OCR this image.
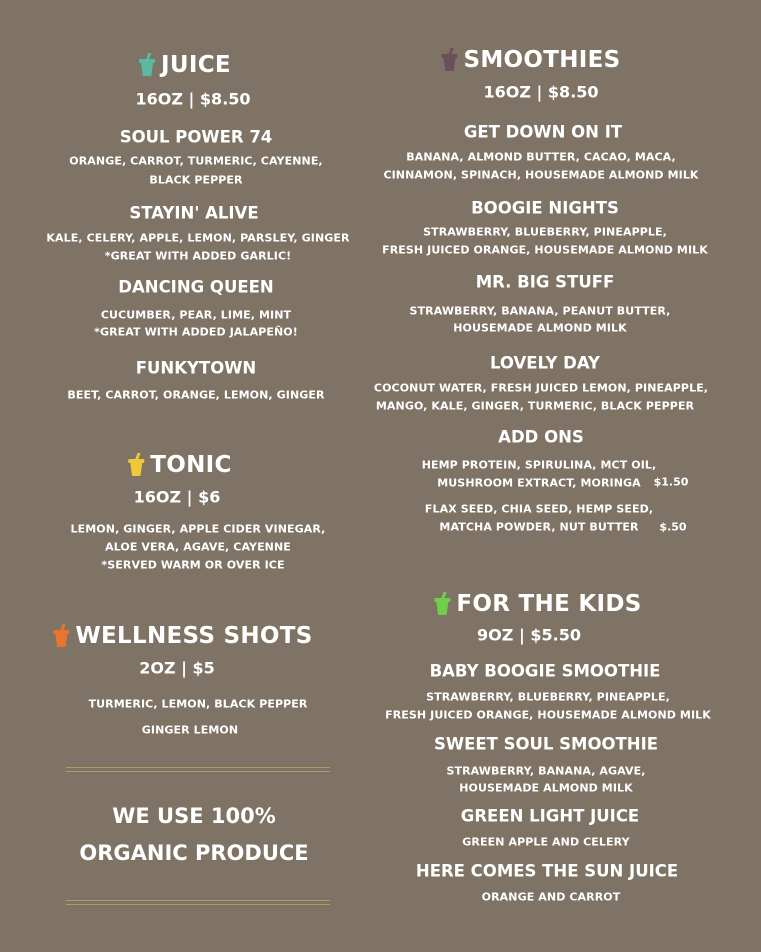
JUICE
16OZ | $8.50
SOUL POWER 74
ORANGE, CARROT, TURMERIC, CAYENNE,
BLACK PEPPER
STAYIN' ALIVE
KALE, CELERY, APPLE, LEMON, PARSLEY, GINGER
*GREAT WITH ADDED GARLIC!
DANCING QUEEN
CUCUMBER, PEAR, LIME, MINT
*GREAT WITH ADDED JALAPEÑO!
FUNKYTOWN
BEET, CARROT, ORANGE, LEMON, GINGER
TONIC
16OZ | $6
LEMON, GINGER, APPLE CIDER VINEGAR,
ALOE VERA, AGAVE, CAYENNE
*SERVED WARM OR OVER ICE
WELLNESS SHOTS
2OZ | $5
TURMERIC, LEMON, BLACK PEPPER
GINGER LEMON
WE USE 100%
ORGANIC PRODUCE
SMOOTHIES
16OZ | $8.50
GET DOWN ON IT
BANANA, ALMOND BUTTER, CACAO, MACA,
CINNAMON, SPINACH, HOUSEMADE ALMOND MILK
BOOGIE NIGHTS
STRAWBERRY, BLUEBERRY, PINEAPPLE,
FRESH JUICED ORANGE, HOUSEMADE ALMOND MILK
MR. BIG STUFF
STRAWBERRY, BANANA, PEANUT BUTTER,
HOUSEMADE ALMOND MILK
LOVELY DAY
COCONUT WATER, FRESH JUICED LEMON, PINEAPPLE,
MANGO, KALE, GINGER, TURMERIC, BLACK PEPPER
ADD ONS
HEMP PROTEIN, SPIRULINA, MCT OIL,
MUSHROOM EXTRACT, MORINGA $1.50
FLAX SEED, CHIA SEED, HEMP SEED,
MATCHA POWDER, NUT BUTTER $.50
FOR THE KIDS
9OZ | $5.50
BABY BOOGIE SMOOTHIE
STRAWBERRY, BLUEBERRY, PINEAPPLE,
FRESH JUICED ORANGE, HOUSEMADE ALMOND MILK
SWEET SOUL SMOOTHIE
STRAWBERRY, BANANA, AGAVE,
HOUSEMADE ALMOND MILK
GREEN LIGHT JUICE
GREEN APPLE AND CELERY
HERE COMES THE SUN JUICE
ORANGE AND CARROT
